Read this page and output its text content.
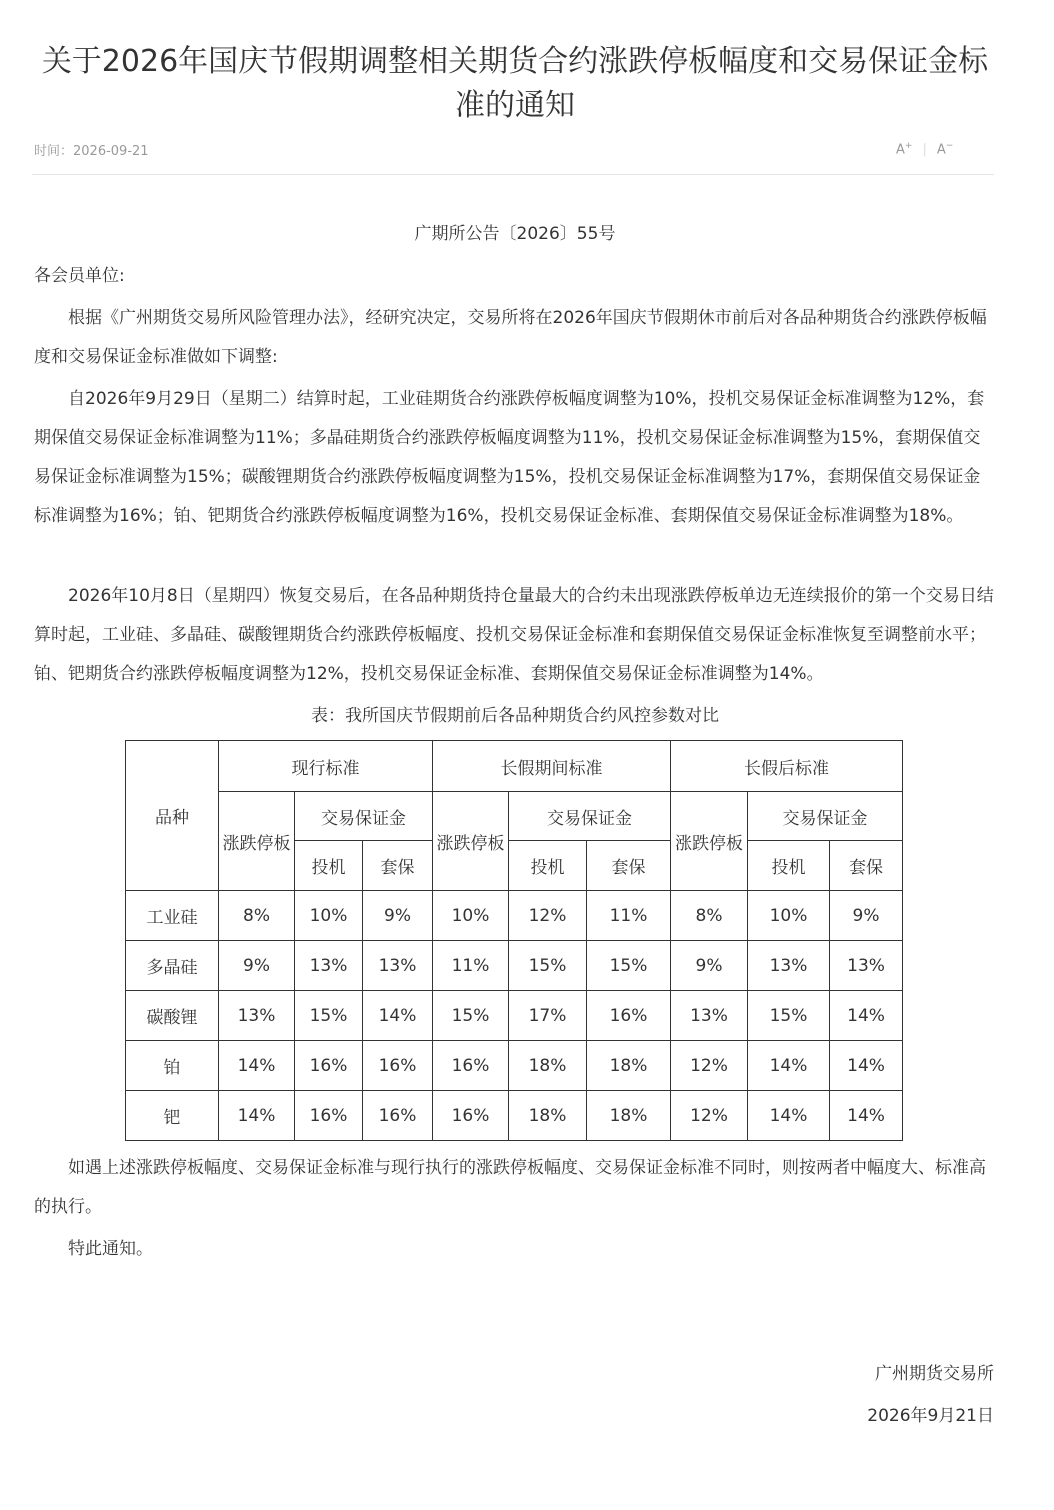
关于2026年国庆节假期调整相关期货合约涨跌停板幅度和交易保证金标准的通知
时间：2026-09-21	A+ | A−

广期所公告〔2026〕55号

各会员单位:

根据《广州期货交易所风险管理办法》，经研究决定，交易所将在2026年国庆节假期休市前后对各品种期货合约涨跌停板幅度和交易保证金标准做如下调整:

自2026年9月29日（星期二）结算时起，工业硅期货合约涨跌停板幅度调整为10%，投机交易保证金标准调整为12%，套期保值交易保证金标准调整为11%；多晶硅期货合约涨跌停板幅度调整为11%，投机交易保证金标准调整为15%，套期保值交易保证金标准调整为15%；碳酸锂期货合约涨跌停板幅度调整为15%，投机交易保证金标准调整为17%，套期保值交易保证金标准调整为16%；铂、钯期货合约涨跌停板幅度调整为16%，投机交易保证金标准、套期保值交易保证金标准调整为18%。

2026年10月8日（星期四）恢复交易后，在各品种期货持仓量最大的合约未出现涨跌停板单边无连续报价的第一个交易日结算时起，工业硅、多晶硅、碳酸锂期货合约涨跌停板幅度、投机交易保证金标准和套期保值交易保证金标准恢复至调整前水平；铂、钯期货合约涨跌停板幅度调整为12%，投机交易保证金标准、套期保值交易保证金标准调整为14%。

表：我所国庆节假期前后各品种期货合约风控参数对比

品种	现行标准			长假期间标准			长假后标准		
	涨跌停板	交易保证金		涨跌停板	交易保证金		涨跌停板	交易保证金	
		投机	套保		投机	套保		投机	套保
工业硅	8%	10%	9%	10%	12%	11%	8%	10%	9%
多晶硅	9%	13%	13%	11%	15%	15%	9%	13%	13%
碳酸锂	13%	15%	14%	15%	17%	16%	13%	15%	14%
铂	14%	16%	16%	16%	18%	18%	12%	14%	14%
钯	14%	16%	16%	16%	18%	18%	12%	14%	14%

如遇上述涨跌停板幅度、交易保证金标准与现行执行的涨跌停板幅度、交易保证金标准不同时，则按两者中幅度大、标准高的执行。

特此通知。

广州期货交易所

2026年9月21日
